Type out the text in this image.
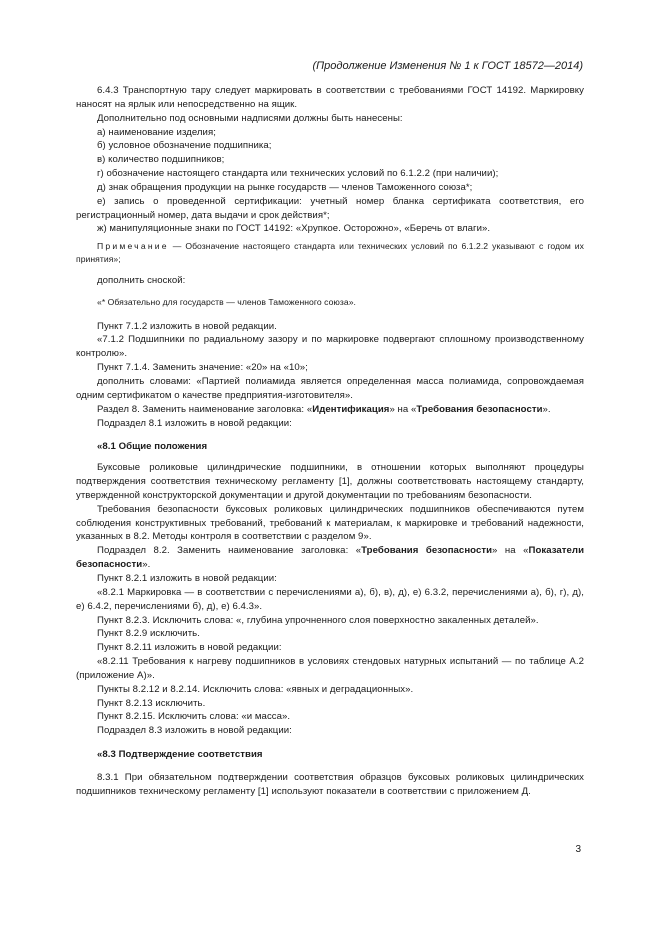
(Продолжение Изменения № 1 к ГОСТ 18572—2014)

6.4.3 Транспортную тару следует маркировать в соответствии с требованиями ГОСТ 14192. Маркировку наносят на ярлык или непосредственно на ящик.

Дополнительно под основными надписями должны быть нанесены:

а) наименование изделия;

б) условное обозначение подшипника;

в) количество подшипников;

г) обозначение настоящего стандарта или технических условий по 6.1.2.2 (при наличии);

д) знак обращения продукции на рынке государств — членов Таможенного союза*;

е) запись о проведенной сертификации: учетный номер бланка сертификата соответствия, его регистрационный номер, дата выдачи и срок действия*;

ж) манипуляционные знаки по ГОСТ 14192: «Хрупкое. Осторожно», «Беречь от влаги».

Примечание — Обозначение настоящего стандарта или технических условий по 6.1.2.2 указывают с годом их принятия»;

дополнить сноской:

«* Обязательно для государств — членов Таможенного союза».

Пункт 7.1.2 изложить в новой редакции.

«7.1.2 Подшипники по радиальному зазору и по маркировке подвергают сплошному производственному контролю».

Пункт 7.1.4. Заменить значение: «20» на «10»;

дополнить словами: «Партией полиамида является определенная масса полиамида, сопровождаемая одним сертификатом о качестве предприятия-изготовителя».

Раздел 8. Заменить наименование заголовка: «Идентификация» на «Требования безопасности».

Подраздел 8.1 изложить в новой редакции:

«8.1 Общие положения

Буксовые роликовые цилиндрические подшипники, в отношении которых выполняют процедуры подтверждения соответствия техническому регламенту [1], должны соответствовать настоящему стандарту, утвержденной конструкторской документации и другой документации по требованиям безопасности.

Требования безопасности буксовых роликовых цилиндрических подшипников обеспечиваются путем соблюдения конструктивных требований, требований к материалам, к маркировке и требований надежности, указанных в 8.2. Методы контроля в соответствии с разделом 9».

Подраздел 8.2. Заменить наименование заголовка: «Требования безопасности» на «Показатели безопасности».

Пункт 8.2.1 изложить в новой редакции:

«8.2.1 Маркировка — в соответствии с перечислениями а), б), в), д), е) 6.3.2, перечислениями а), б), г), д), е) 6.4.2, перечислениями б), д), е) 6.4.3».

Пункт 8.2.3. Исключить слова: «, глубина упрочненного слоя поверхностно закаленных деталей».

Пункт 8.2.9 исключить.

Пункт 8.2.11 изложить в новой редакции:

«8.2.11 Требования к нагреву подшипников в условиях стендовых натурных испытаний — по таблице А.2 (приложение А)».

Пункты 8.2.12 и 8.2.14. Исключить слова: «явных и деградационных».

Пункт 8.2.13 исключить.

Пункт 8.2.15. Исключить слова: «и масса».

Подраздел 8.3 изложить в новой редакции:

«8.3 Подтверждение соответствия

8.3.1 При обязательном подтверждении соответствия образцов буксовых роликовых цилиндрических подшипников техническому регламенту [1] используют показатели в соответствии с приложением Д.

3
